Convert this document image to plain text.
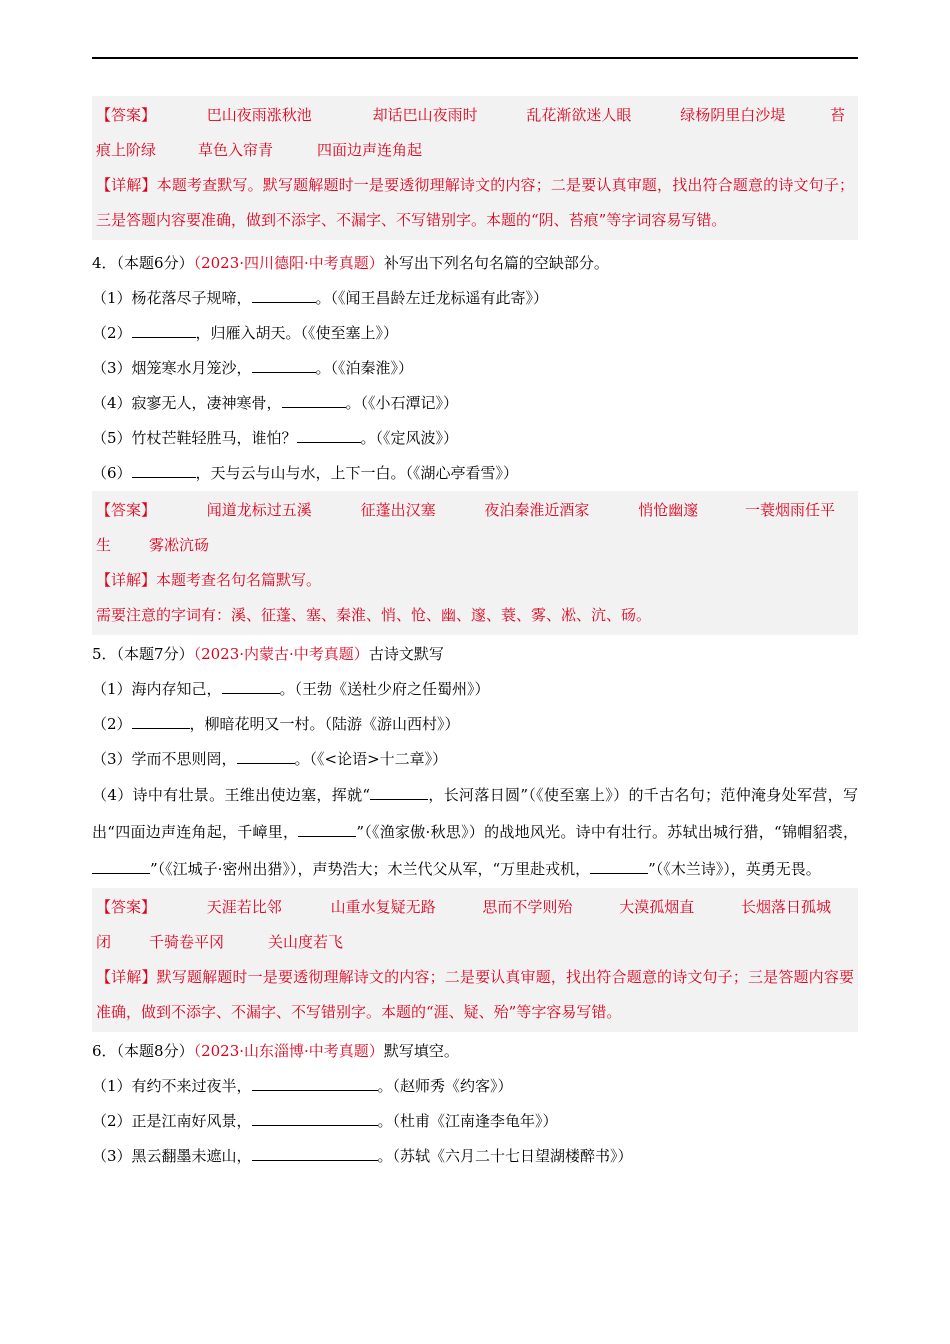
【答案】	巴山夜雨涨秋池	却话巴山夜雨时	乱花渐欲迷人眼	绿杨阴里白沙堤	苔

痕上阶绿	草色入帘青	四面边声连角起

【详解】本题考查默写。默写题解题时一是要透彻理解诗文的内容；二是要认真审题，找出符合题意的诗文句子；三是答题内容要准确，做到不添字、不漏字、不写错别字。本题的“阴、苔痕”等字词容易写错。

4．（本题6分）（2023·四川德阳·中考真题）补写出下列名句名篇的空缺部分。

（1）杨花落尽子规啼，	。（《闻王昌龄左迁龙标遥有此寄》）

（2）	，归雁入胡天。（《使至塞上》）

（3）烟笼寒水月笼沙，	。（《泊秦淮》）

（4）寂寥无人，凄神寒骨，	。（《小石潭记》）

（5）竹杖芒鞋轻胜马，谁怕？	。（《定风波》）

（6）	，天与云与山与水，上下一白。（《湖心亭看雪》）

【答案】	闻道龙标过五溪	征蓬出汉塞	夜泊秦淮近酒家	悄怆幽邃	一蓑烟雨任平

生	雾凇沆砀

【详解】本题考查名句名篇默写。

需要注意的字词有：溪、征蓬、塞、秦淮、悄、怆、幽、邃、蓑、雾、凇、沆、砀。

5．（本题7分）（2023·内蒙古·中考真题）古诗文默写

（1）海内存知己，	。（王勃《送杜少府之任蜀州》）

（2）	，柳暗花明又一村。（陆游《游山西村》）

（3）学而不思则罔，	。（《<论语>十二章》）

（4）诗中有壮景。王维出使边塞，挥就“	，长河落日圆”（《使至塞上》）的千古名句；范仲淹身处军营，写出“四面边声连角起，千嶂里，	”（《渔家傲·秋思》）的战地风光。诗中有壮行。苏轼出城行猎，“锦帽貂裘，”（《江城子·密州出猎》），声势浩大；木兰代父从军，“万里赴戎机，	”（《木兰诗》），英勇无畏。

【答案】	天涯若比邻	山重水复疑无路	思而不学则殆	大漠孤烟直	长烟落日孤城

闭	千骑卷平冈	关山度若飞

【详解】默写题解题时一是要透彻理解诗文的内容；二是要认真审题，找出符合题意的诗文句子；三是答题内容要准确，做到不添字、不漏字、不写错别字。本题的“涯、疑、殆”等字容易写错。

6．（本题8分）（2023·山东淄博·中考真题）默写填空。

（1）有约不来过夜半，	。（赵师秀《约客》）

（2）正是江南好风景，	。（杜甫《江南逢李龟年》）

（3）黑云翻墨未遮山，	。（苏轼《六月二十七日望湖楼醉书》）
